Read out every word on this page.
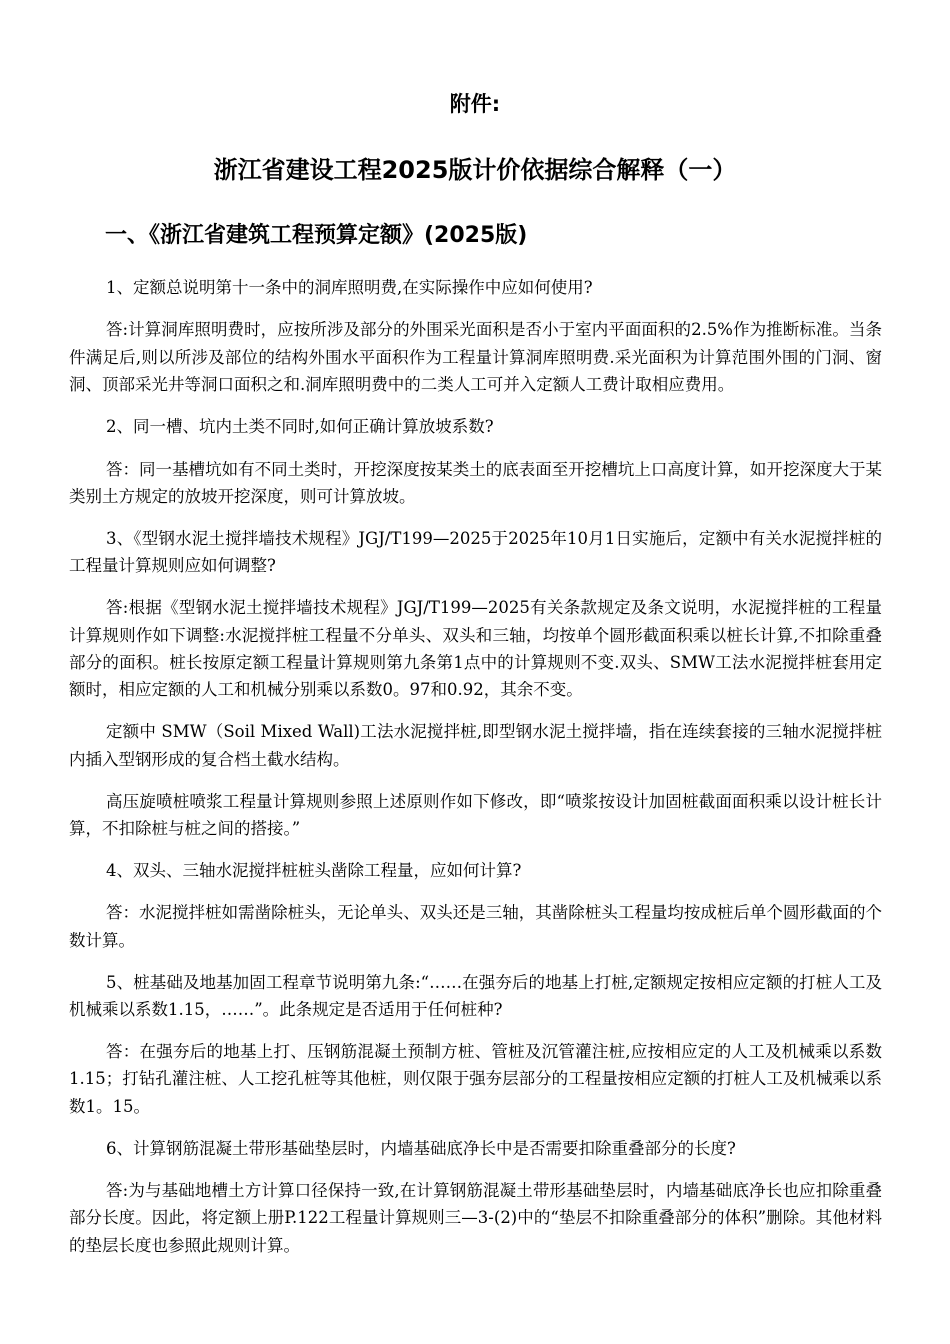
附件:
浙江省建设工程2025版计价依据综合解释（一）
一、《浙江省建筑工程预算定额》(2025版)

1、定额总说明第十一条中的洞库照明费,在实际操作中应如何使用?

答:计算洞库照明费时，应按所涉及部分的外围采光面积是否小于室内平面面积的2.5%作为推断标准。当条件满足后,则以所涉及部位的结构外围水平面积作为工程量计算洞库照明费.采光面积为计算范围外围的门洞、窗洞、顶部采光井等洞口面积之和.洞库照明费中的二类人工可并入定额人工费计取相应费用。

2、同一槽、坑内土类不同时,如何正确计算放坡系数?

答：同一基槽坑如有不同土类时，开挖深度按某类土的底表面至开挖槽坑上口高度计算，如开挖深度大于某类别土方规定的放坡开挖深度，则可计算放坡。

3、《型钢水泥土搅拌墙技术规程》JGJ/T199—2025于2025年10月1日实施后，定额中有关水泥搅拌桩的工程量计算规则应如何调整?

答:根据《型钢水泥土搅拌墙技术规程》JGJ/T199—2025有关条款规定及条文说明，水泥搅拌桩的工程量计算规则作如下调整:水泥搅拌桩工程量不分单头、双头和三轴，均按单个圆形截面积乘以桩长计算,不扣除重叠部分的面积。桩长按原定额工程量计算规则第九条第1点中的计算规则不变.双头、SMW工法水泥搅拌桩套用定额时，相应定额的人工和机械分别乘以系数0。97和0.92，其余不变。

定额中 SMW（Soil Mixed Wall)工法水泥搅拌桩,即型钢水泥土搅拌墙，指在连续套接的三轴水泥搅拌桩内插入型钢形成的复合档土截水结构。

高压旋喷桩喷浆工程量计算规则参照上述原则作如下修改，即“喷浆按设计加固桩截面面积乘以设计桩长计算，不扣除桩与桩之间的搭接。”

4、双头、三轴水泥搅拌桩桩头凿除工程量，应如何计算?

答：水泥搅拌桩如需凿除桩头，无论单头、双头还是三轴，其凿除桩头工程量均按成桩后单个圆形截面的个数计算。

5、桩基础及地基加固工程章节说明第九条:“……在强夯后的地基上打桩,定额规定按相应定额的打桩人工及机械乘以系数1.15，……”。此条规定是否适用于任何桩种?

答：在强夯后的地基上打、压钢筋混凝土预制方桩、管桩及沉管灌注桩,应按相应定的人工及机械乘以系数1.15；打钻孔灌注桩、人工挖孔桩等其他桩，则仅限于强夯层部分的工程量按相应定额的打桩人工及机械乘以系数1。15。

6、计算钢筋混凝土带形基础垫层时，内墙基础底净长中是否需要扣除重叠部分的长度?

答:为与基础地槽土方计算口径保持一致,在计算钢筋混凝土带形基础垫层时，内墙基础底净长也应扣除重叠部分长度。因此，将定额上册P.122工程量计算规则三—3-(2)中的“垫层不扣除重叠部分的体积”删除。其他材料的垫层长度也参照此规则计算。
